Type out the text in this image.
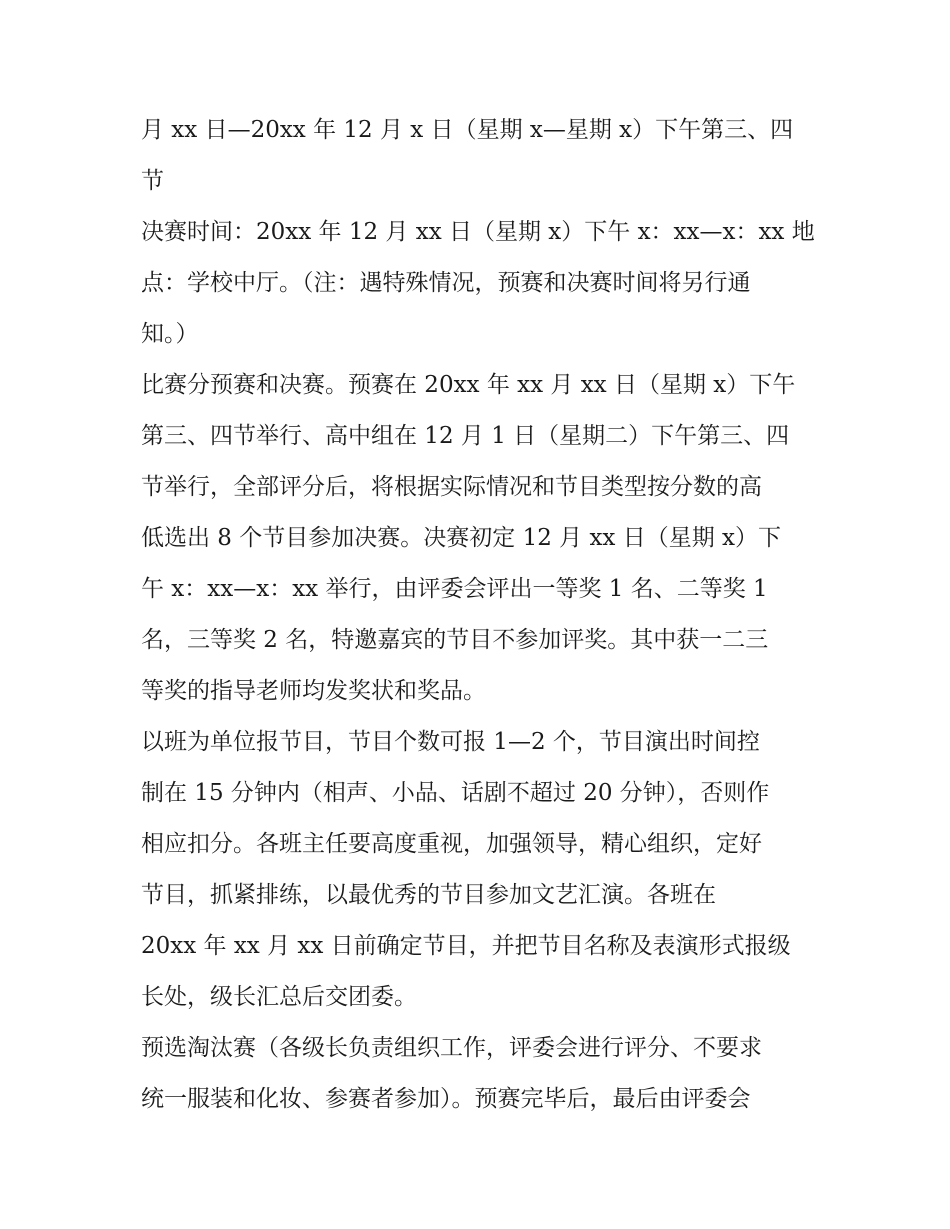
月 xx 日—20xx 年 12 月 x 日（星期 x—星期 x）下午第三、四
节
决赛时间：20xx 年 12 月 xx 日（星期 x）下午 x：xx—x：xx 地
点：学校中厅。（注：遇特殊情况，预赛和决赛时间将另行通
知。）
比赛分预赛和决赛。预赛在 20xx 年 xx 月 xx 日（星期 x）下午
第三、四节举行、高中组在 12 月 1 日（星期二）下午第三、四
节举行，全部评分后，将根据实际情况和节目类型按分数的高
低选出 8 个节目参加决赛。决赛初定 12 月 xx 日（星期 x）下
午 x：xx—x：xx 举行，由评委会评出一等奖 1 名、二等奖 1
名，三等奖 2 名，特邀嘉宾的节目不参加评奖。其中获一二三
等奖的指导老师均发奖状和奖品。
以班为单位报节目，节目个数可报 1—2 个，节目演出时间控
制在 15 分钟内（相声、小品、话剧不超过 20 分钟），否则作
相应扣分。各班主任要高度重视，加强领导，精心组织，定好
节目，抓紧排练，以最优秀的节目参加文艺汇演。各班在
20xx 年 xx 月 xx 日前确定节目，并把节目名称及表演形式报级
长处，级长汇总后交团委。
预选淘汰赛（各级长负责组织工作，评委会进行评分、不要求
统一服装和化妆、参赛者参加）。预赛完毕后，最后由评委会
